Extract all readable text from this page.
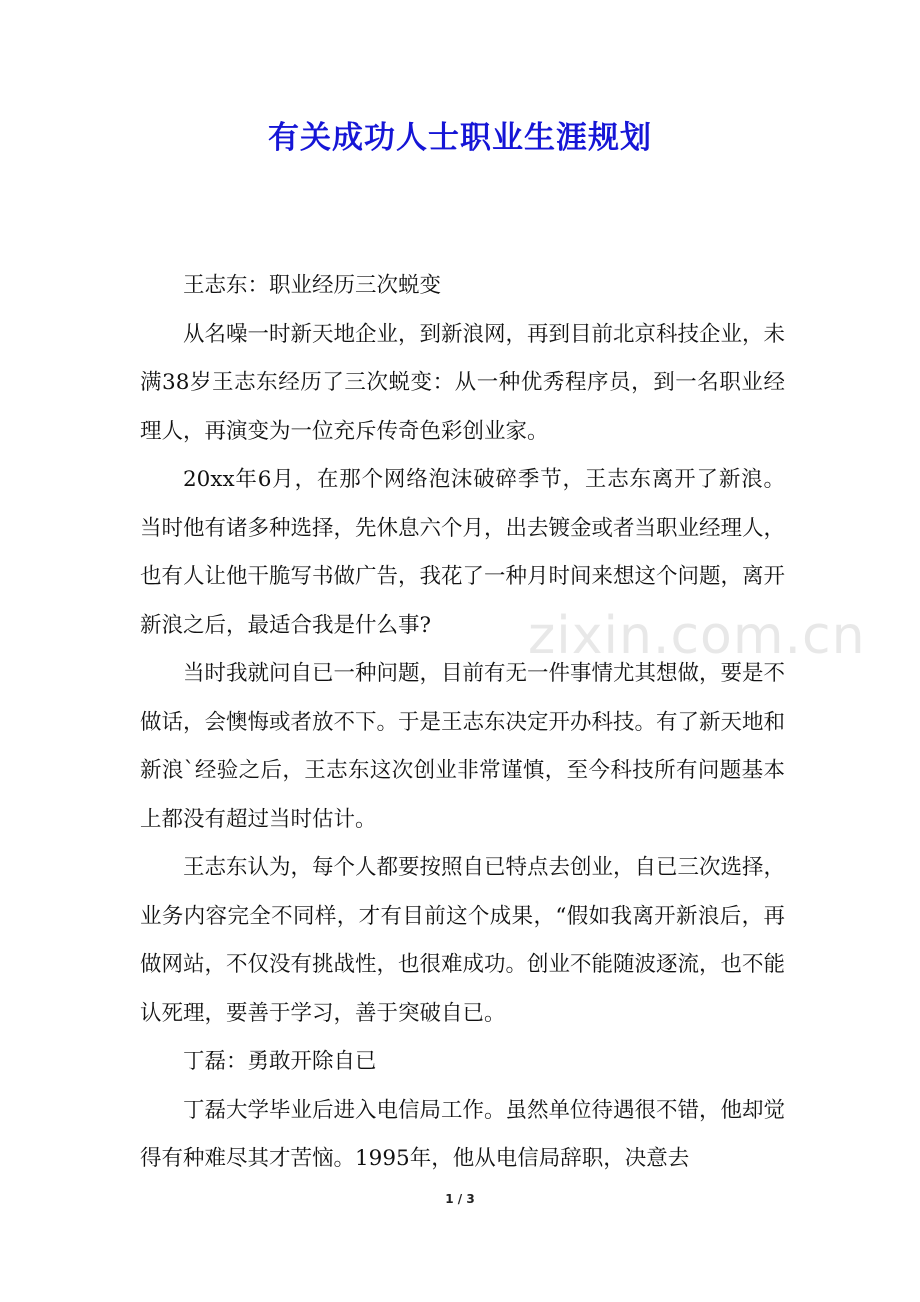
有关成功人士职业生涯规划

王志东：职业经历三次蜕变

从名噪一时新天地企业，到新浪网，再到目前北京科技企业，未满38岁王志东经历了三次蜕变：从一种优秀程序员，到一名职业经理人，再演变为一位充斥传奇色彩创业家。

20xx年6月，在那个网络泡沫破碎季节，王志东离开了新浪。当时他有诸多种选择，先休息六个月，出去镀金或者当职业经理人，也有人让他干脆写书做广告，我花了一种月时间来想这个问题，离开新浪之后，最适合我是什么事?

当时我就问自已一种问题，目前有无一件事情尤其想做，要是不做话，会懊悔或者放不下。于是王志东决定开办科技。有了新天地和新浪`经验之后，王志东这次创业非常谨慎，至今科技所有问题基本上都没有超过当时估计。

王志东认为，每个人都要按照自已特点去创业，自已三次选择，业务内容完全不同样，才有目前这个成果，“假如我离开新浪后，再做网站，不仅没有挑战性，也很难成功。创业不能随波逐流，也不能认死理，要善于学习，善于突破自已。

丁磊：勇敢开除自已

丁磊大学毕业后进入电信局工作。虽然单位待遇很不错，他却觉得有种难尽其才苦恼。1995年，他从电信局辞职，决意去

zixin.com.cn
1 / 3
